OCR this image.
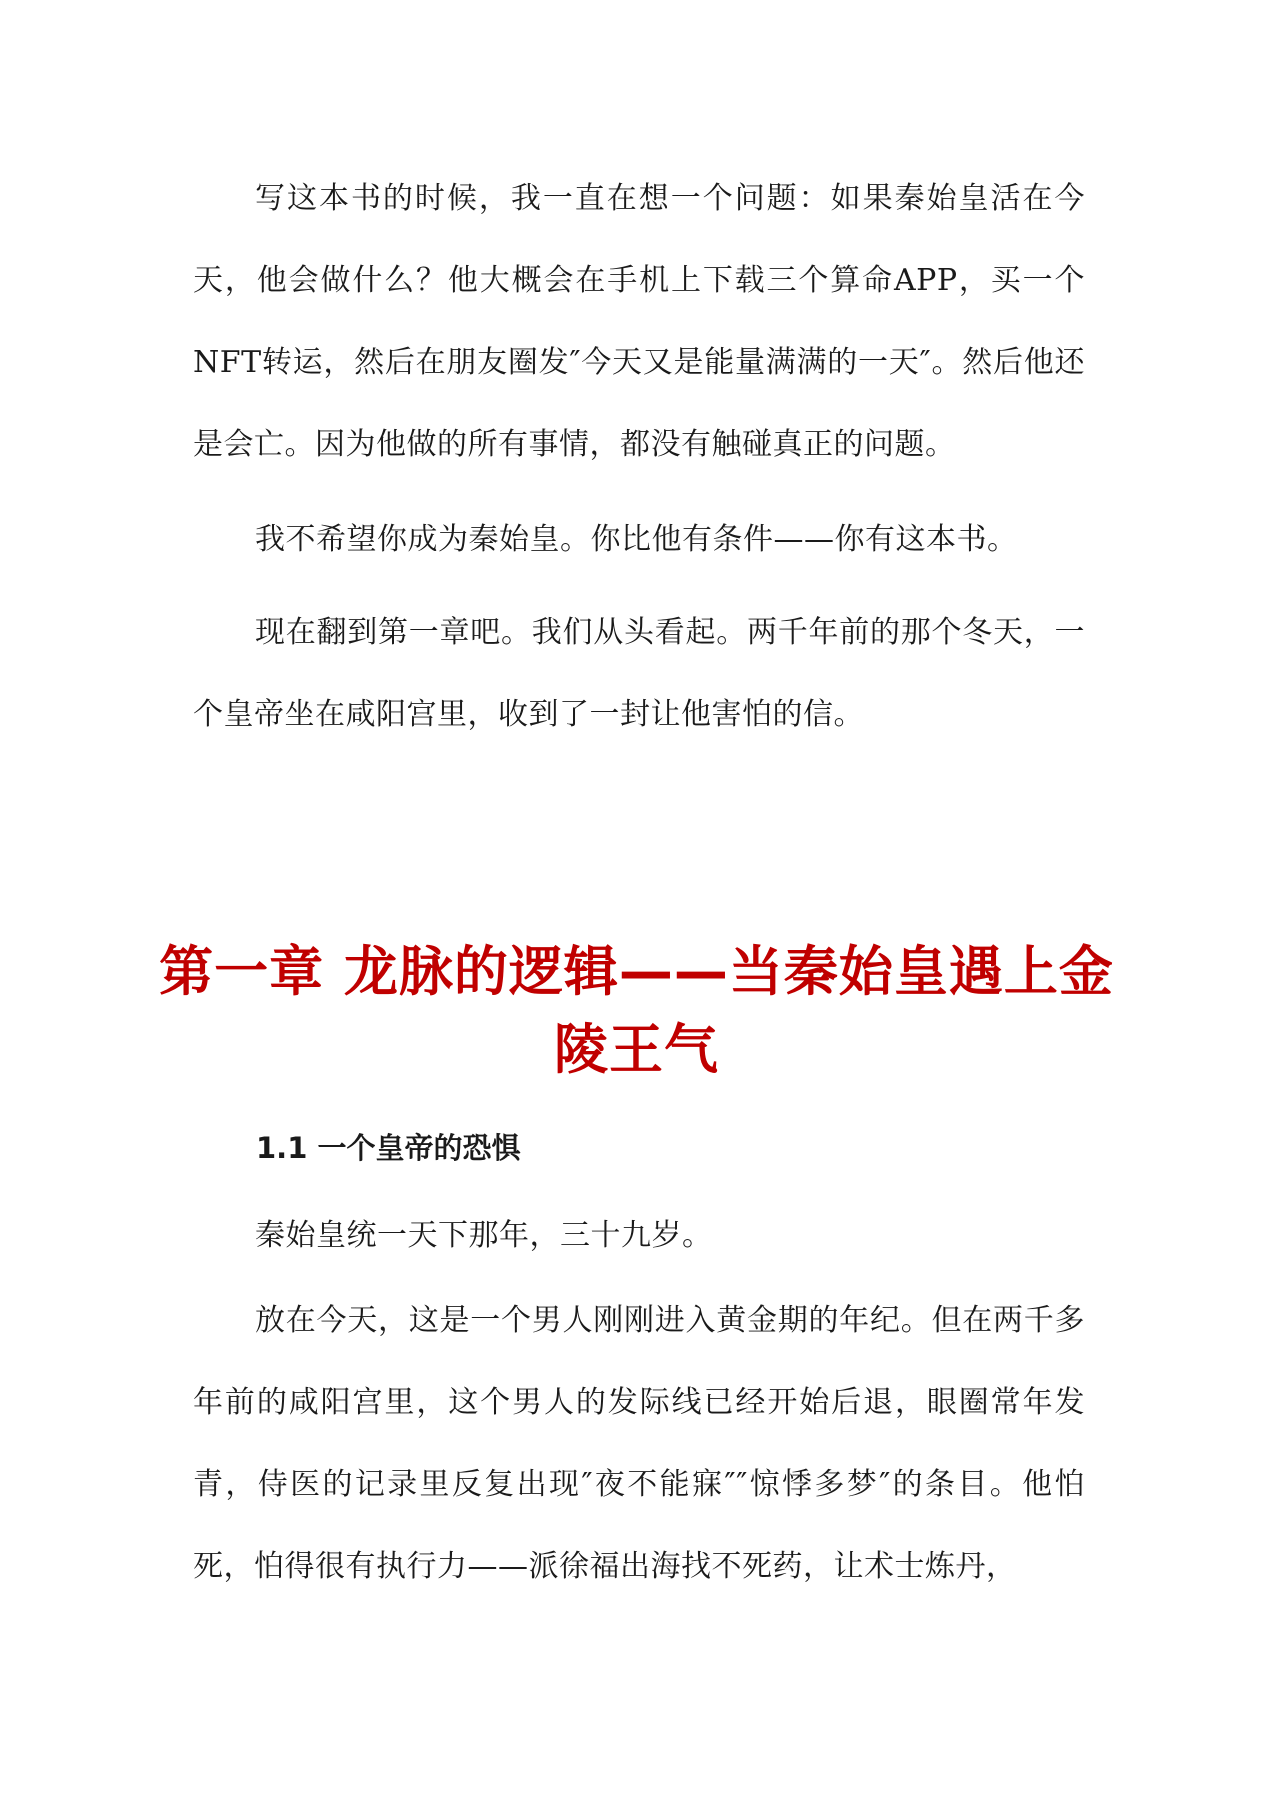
写这本书的时候，我一直在想一个问题：如果秦始皇活在今天，他会做什么？他大概会在手机上下载三个算命APP，买一个NFT转运，然后在朋友圈发″今天又是能量满满的一天″。然后他还是会亡。因为他做的所有事情，都没有触碰真正的问题。

我不希望你成为秦始皇。你比他有条件——你有这本书。

现在翻到第一章吧。我们从头看起。两千年前的那个冬天，一个皇帝坐在咸阳宫里，收到了一封让他害怕的信。

第一章 龙脉的逻辑——当秦始皇遇上金陵王气
1.1 一个皇帝的恐惧

秦始皇统一天下那年，三十九岁。

放在今天，这是一个男人刚刚进入黄金期的年纪。但在两千多年前的咸阳宫里，这个男人的发际线已经开始后退，眼圈常年发青，侍医的记录里反复出现″夜不能寐″″惊悸多梦″的条目。他怕死，怕得很有执行力——派徐福出海找不死药，让术士炼丹，
